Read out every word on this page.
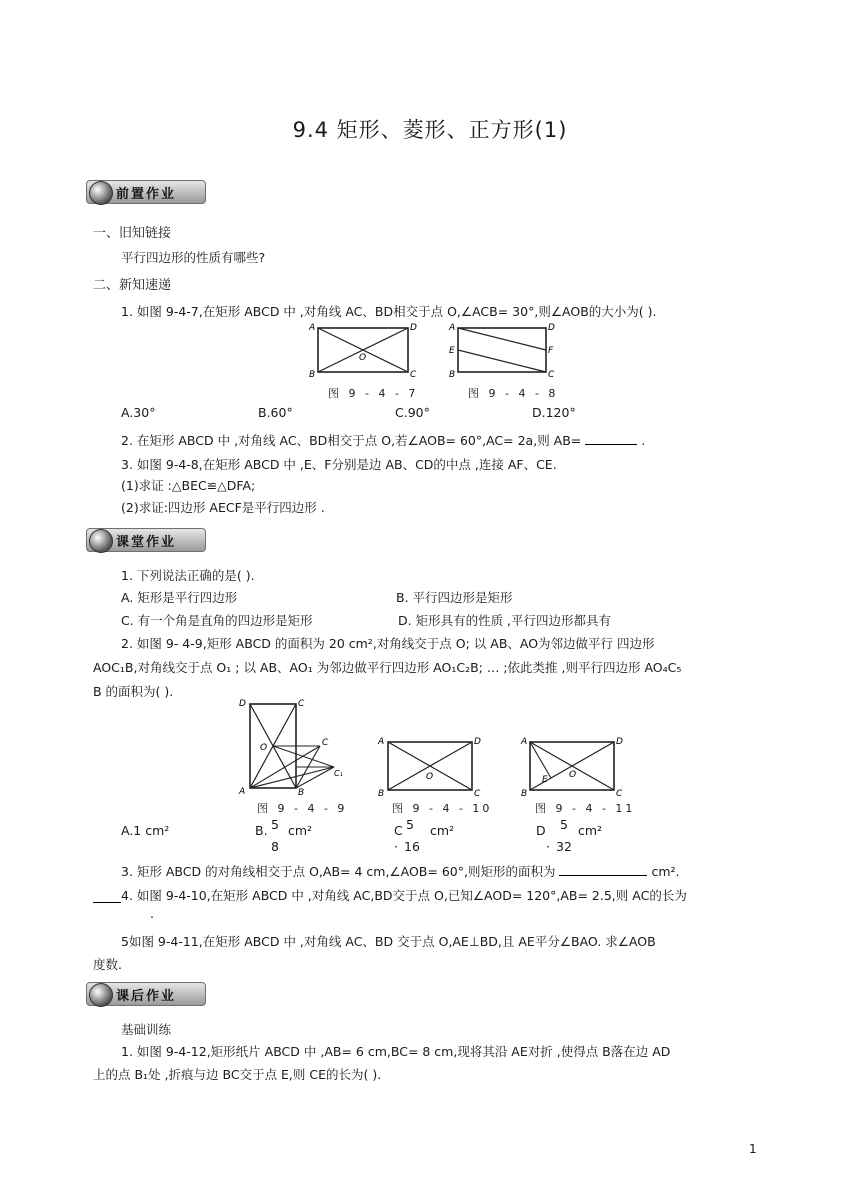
9.4 矩形、菱形、正方形(1)
前置作业
一、旧知链接
平行四边形的性质有哪些?
二、新知速递
1. 如图 9-4-7,在矩形 ABCD 中 ,对角线 AC、BD相交于点 O,∠ACB= 30°,则∠AOB的大小为( ).
A	D
B	C
O
图 9 - 4 - 7
A	D
E	F
B	C
图 9 - 4 - 8
A.30°	B.60°	C.90°	D.120°
2. 在矩形 ABCD 中 ,对角线 AC、BD相交于点 O,若∠AOB= 60°,AC= 2a,则 AB=	.
3. 如图 9-4-8,在矩形 ABCD 中 ,E、F分别是边 AB、CD的中点 ,连接 AF、CE.
(1)求证 :△BEC≌△DFA;
(2)求证:四边形 AECF是平行四边形 .
课堂作业
1. 下列说法正确的是( ).
A. 矩形是平行四边形	B. 平行四边形是矩形
C. 有一个角是直角的四边形是矩形	D. 矩形具有的性质 ,平行四边形都具有
2. 如图 9- 4-9,矩形 ABCD 的面积为 20 cm²,对角线交于点 O; 以 AB、AO为邻边做平行 四边形
AOC₁B,对角线交于点 O₁ ; 以 AB、AO₁ 为邻边做平行四边形 AO₁C₂B; … ;依此类推 ,则平行四边形 AO₄C₅
B 的面积为( ).
D	C
A	B
O	C
C₁
图 9 - 4 - 9
A	D
B	C
O
图 9 - 4 - 10
A	D
B	C
E O
图 9 - 4 - 11
A.1 cm²	B. 5
8
cm²	C 5
· 16
cm²	D 5
· 32
cm²
3. 矩形 ABCD 的对角线相交于点 O,AB= 4 cm,∠AOB= 60°,则矩形的面积为	cm².
4. 如图 9-4-10,在矩形 ABCD 中 ,对角线 AC,BD交于点 O,已知∠AOD= 120°,AB= 2.5,则 AC的长为
.
5如图 9-4-11,在矩形 ABCD 中 ,对角线 AC、BD 交于点 O,AE⊥BD,且 AE平分∠BAO. 求∠AOB
度数.
课后作业
基础训练
1. 如图 9-4-12,矩形纸片 ABCD 中 ,AB= 6 cm,BC= 8 cm,现将其沿 AE对折 ,使得点 B落在边 AD
上的点 B₁处 ,折痕与边 BC交于点 E,则 CE的长为( ).
1
